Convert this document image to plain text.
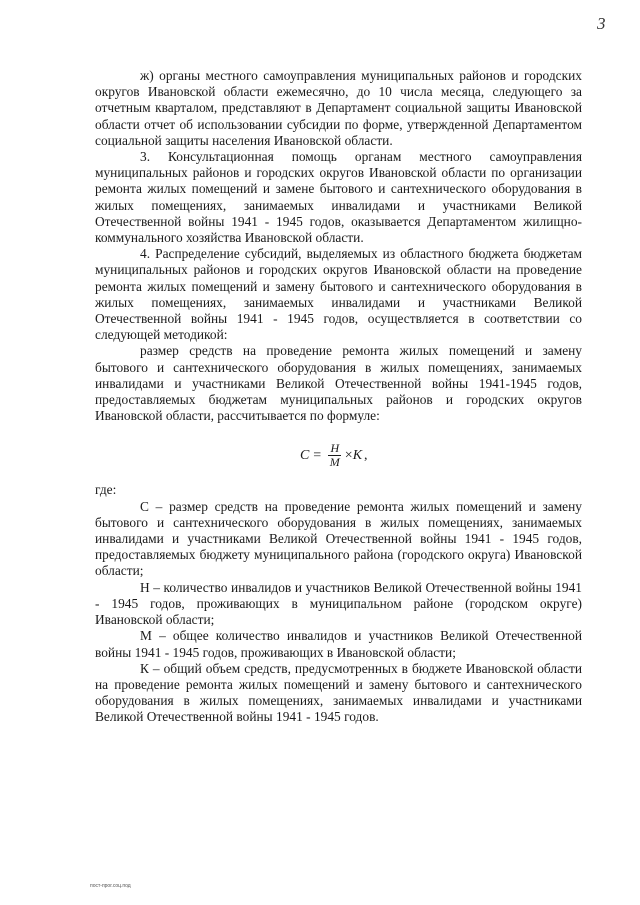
3

ж) органы местного самоуправления муниципальных районов и городских округов Ивановской области ежемесячно, до 10 числа месяца, следующего за отчетным кварталом, представляют в Департамент социальной защиты Ивановской области отчет об использовании субсидии по форме, утвержденной Департаментом социальной защиты населения Ивановской области.

3. Консультационная помощь органам местного самоуправления муниципальных районов и городских округов Ивановской области по организации ремонта жилых помещений и замене бытового и сантехнического оборудования в жилых помещениях, занимаемых инвалидами и участниками Великой Отечественной войны 1941 - 1945 годов, оказывается Департаментом жилищно-коммунального хозяйства Ивановской области.

4. Распределение субсидий, выделяемых из областного бюджета бюджетам муниципальных районов и городских округов Ивановской области на проведение ремонта жилых помещений и замену бытового и сантехнического оборудования в жилых помещениях, занимаемых инвалидами и участниками Великой Отечественной войны 1941 - 1945 годов, осуществляется в соответствии со следующей методикой:

размер средств на проведение ремонта жилых помещений и замену бытового и сантехнического оборудования в жилых помещениях, занимаемых инвалидами и участниками Великой Отечественной войны 1941-1945 годов, предоставляемых бюджетам муниципальных районов и городских округов Ивановской области, рассчитывается по формуле:

$C = \frac{H}{M} \times K$ ,

где:

С – размер средств на проведение ремонта жилых помещений и замену бытового и сантехнического оборудования в жилых помещениях, занимаемых инвалидами и участниками Великой Отечественной войны 1941 - 1945 годов, предоставляемых бюджету муниципального района (городского округа) Ивановской области;

Н – количество инвалидов и участников Великой Отечественной войны 1941 - 1945 годов, проживающих в муниципальном районе (городском округе) Ивановской области;

М – общее количество инвалидов и участников Великой Отечественной войны 1941 - 1945 годов, проживающих в Ивановской области;

К – общий объем средств, предусмотренных в бюджете Ивановской области на проведение ремонта жилых помещений и замену бытового и сантехнического оборудования в жилых помещениях, занимаемых инвалидами и участниками Великой Отечественной войны 1941 - 1945 годов.

пост-прог.соц.под
